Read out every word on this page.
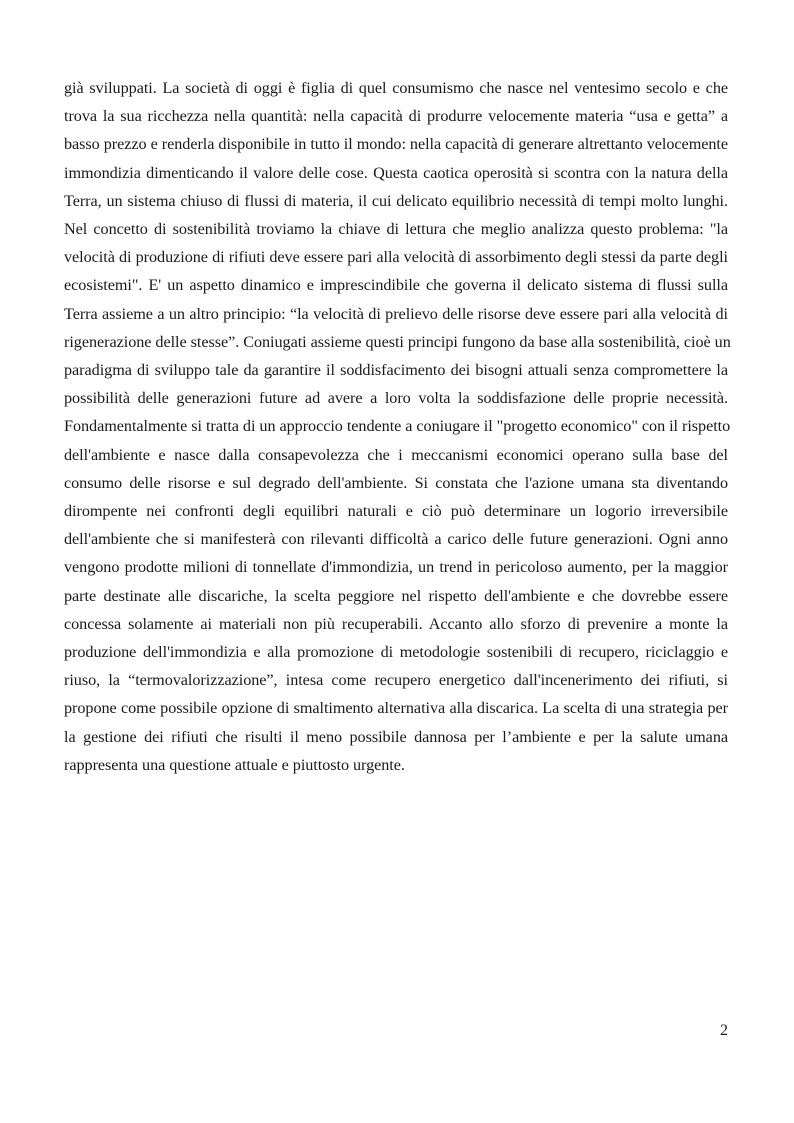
già sviluppati. La società di oggi è figlia di quel consumismo che nasce nel ventesimo secolo e che
trova la sua ricchezza nella quantità: nella capacità di produrre velocemente materia “usa e getta” a
basso prezzo e renderla disponibile in tutto il mondo: nella capacità di generare altrettanto velocemente
immondizia dimenticando il valore delle cose. Questa caotica operosità si scontra con la natura della
Terra, un sistema chiuso di flussi di materia, il cui delicato equilibrio necessità di tempi molto lunghi.
Nel concetto di sostenibilità troviamo la chiave di lettura che meglio analizza questo problema: "la
velocità di produzione di rifiuti deve essere pari alla velocità di assorbimento degli stessi da parte degli
ecosistemi". E' un aspetto dinamico e imprescindibile che governa il delicato sistema di flussi sulla
Terra assieme a un altro principio: “la velocità di prelievo delle risorse deve essere pari alla velocità di
rigenerazione delle stesse”. Coniugati assieme questi principi fungono da base alla sostenibilità, cioè un
paradigma di sviluppo tale da garantire il soddisfacimento dei bisogni attuali senza compromettere la
possibilità delle generazioni future ad avere a loro volta la soddisfazione delle proprie necessità.
Fondamentalmente si tratta di un approccio tendente a coniugare il "progetto economico" con il rispetto
dell'ambiente e nasce dalla consapevolezza che i meccanismi economici operano sulla base del
consumo delle risorse e sul degrado dell'ambiente. Si constata che l'azione umana sta diventando
dirompente nei confronti degli equilibri naturali e ciò può determinare un logorio irreversibile
dell'ambiente che si manifesterà con rilevanti difficoltà a carico delle future generazioni. Ogni anno
vengono prodotte milioni di tonnellate d'immondizia, un trend in pericoloso aumento, per la maggior
parte destinate alle discariche, la scelta peggiore nel rispetto dell'ambiente e che dovrebbe essere
concessa solamente ai materiali non più recuperabili. Accanto allo sforzo di prevenire a monte la
produzione dell'immondizia e alla promozione di metodologie sostenibili di recupero, riciclaggio e
riuso, la “termovalorizzazione”, intesa come recupero energetico dall'incenerimento dei rifiuti, si
propone come possibile opzione di smaltimento alternativa alla discarica. La scelta di una strategia per
la gestione dei rifiuti che risulti il meno possibile dannosa per l’ambiente e per la salute umana
rappresenta una questione attuale e piuttosto urgente.
2
